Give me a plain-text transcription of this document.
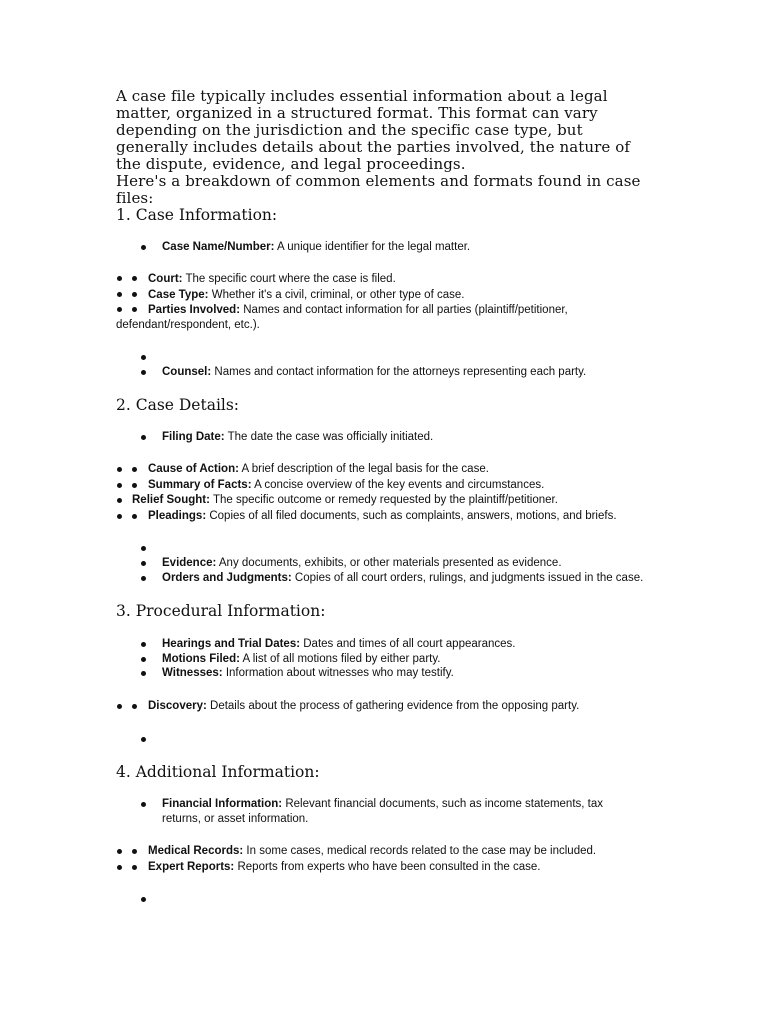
A case file typically includes essential information about a legal matter, organized in a structured format. This format can vary depending on the jurisdiction and the specific case type, but generally includes details about the parties involved, the nature of the dispute, evidence, and legal proceedings.

Here's a breakdown of common elements and formats found in case files:

1. Case Information:
Case Name/Number: A unique identifier for the legal matter.
Court: The specific court where the case is filed.
Case Type: Whether it's a civil, criminal, or other type of case.
Parties Involved: Names and contact information for all parties (plaintiff/petitioner,
defendant/respondent, etc.).
Counsel: Names and contact information for the attorneys representing each party.
2. Case Details:
Filing Date: The date the case was officially initiated.
Cause of Action: A brief description of the legal basis for the case.
Summary of Facts: A concise overview of the key events and circumstances.
Relief Sought: The specific outcome or remedy requested by the plaintiff/petitioner.
Pleadings: Copies of all filed documents, such as complaints, answers, motions, and briefs.
Evidence: Any documents, exhibits, or other materials presented as evidence.
Orders and Judgments: Copies of all court orders, rulings, and judgments issued in the case.
3. Procedural Information:
Hearings and Trial Dates: Dates and times of all court appearances.
Motions Filed: A list of all motions filed by either party.
Witnesses: Information about witnesses who may testify.
Discovery: Details about the process of gathering evidence from the opposing party.
4. Additional Information:
Financial Information: Relevant financial documents, such as income statements, tax
returns, or asset information.
Medical Records: In some cases, medical records related to the case may be included.
Expert Reports: Reports from experts who have been consulted in the case.
